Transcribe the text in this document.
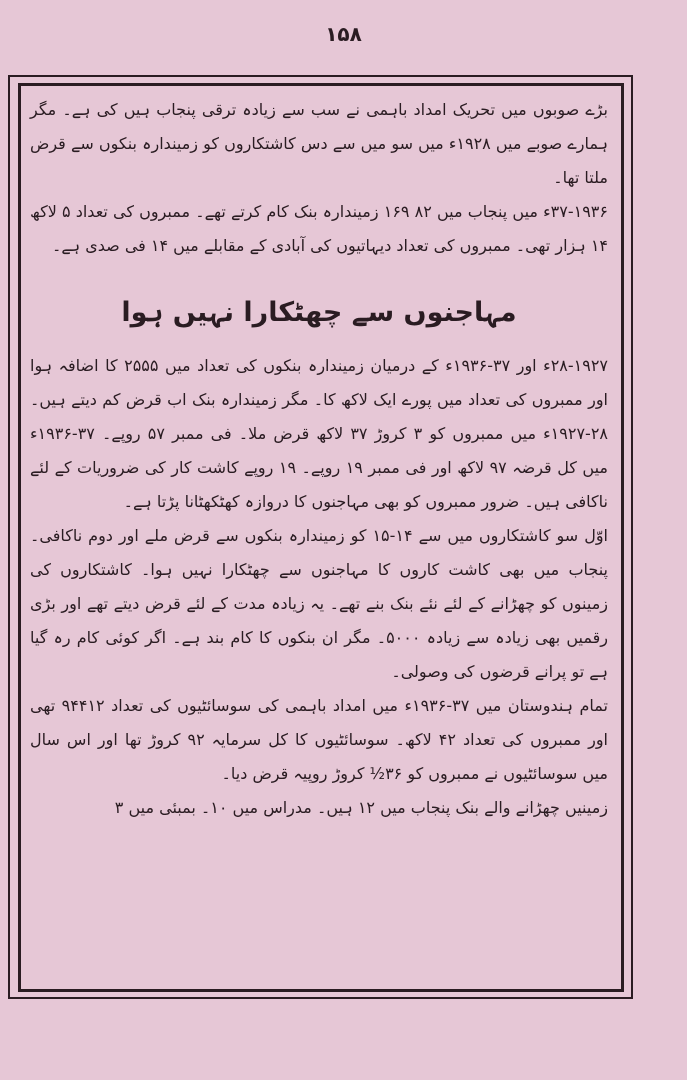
۱۵۸

بڑے صوبوں میں تحریک امداد باہمی نے سب سے زیادہ ترقی پنجاب ہیں کی ہے۔ مگر ہمارے صوبے میں ۱۹۲۸ء میں سو میں سے دس کاشتکاروں کو زمیندارہ بنکوں سے قرض ملتا تھا۔

۳۷-۱۹۳۶ء میں پنجاب میں ۸۲ ۱۶۹ زمیندارہ بنک کام کرتے تھے۔ ممبروں کی تعداد ۵ لاکھ ۱۴ ہزار تھی۔ ممبروں کی تعداد دیہاتیوں کی آبادی کے مقابلے میں ۱۴ فی صدی ہے۔

مہاجنوں سے چھٹکارا نہیں ہوا

۲۸-۱۹۲۷ء اور ۳۷-۱۹۳۶ء کے درمیان زمیندارہ بنکوں کی تعداد میں ۲۵۵۵ کا اضافہ ہوا اور ممبروں کی تعداد میں پورے ایک لاکھ کا۔ مگر زمیندارہ بنک اب قرض کم دیتے ہیں۔ ۲۸-۱۹۲۷ء میں ممبروں کو ۳ کروڑ ۳۷ لاکھ قرض ملا۔ فی ممبر ۵۷ روپے۔ ۳۷-۱۹۳۶ء میں کل قرضہ ۹۷ لاکھ اور فی ممبر ۱۹ روپے۔ ۱۹ روپے کاشت کار کی ضروریات کے لئے ناکافی ہیں۔ ضرور ممبروں کو بھی مہاجنوں کا دروازہ کھٹکھٹانا پڑتا ہے۔

اوّل سو کاشتکاروں میں سے ۱۴-۱۵ کو زمیندارہ بنکوں سے قرض ملے اور دوم ناکافی۔ پنجاب میں بھی کاشت کاروں کا مہاجنوں سے چھٹکارا نہیں ہوا۔ کاشتکاروں کی زمینوں کو چھڑانے کے لئے نئے بنک بنے تھے۔ یہ زیادہ مدت کے لئے قرض دیتے تھے اور بڑی رقمیں بھی زیادہ سے زیادہ ۵۰۰۰۔ مگر ان بنکوں کا کام بند ہے۔ اگر کوئی کام رہ گیا ہے تو پرانے قرضوں کی وصولی۔

تمام ہندوستان میں ۳۷-۱۹۳۶ء میں امداد باہمی کی سوسائٹیوں کی تعداد ۹۴۴۱۲ تھی اور ممبروں کی تعداد ۴۲ لاکھ۔ سوسائٹیوں کا کل سرمایہ ۹۲ کروڑ تھا اور اس سال میں سوسائٹیوں نے ممبروں کو ۳۶½ کروڑ روپیہ قرض دیا۔

زمینیں چھڑانے والے بنک پنجاب میں ۱۲ ہیں۔ مدراس میں ۱۰۔ بمبئی میں ۳
